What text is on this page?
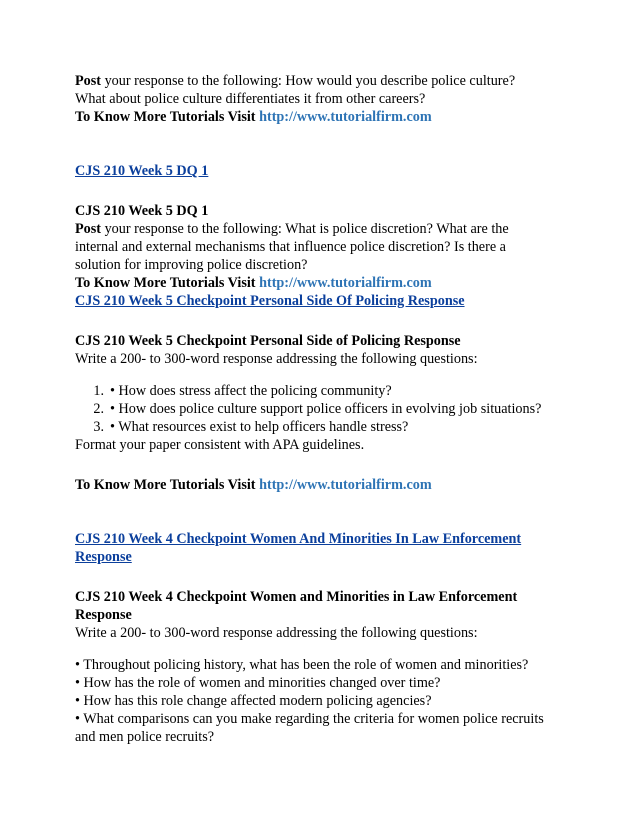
Post your response to the following: How would you describe police culture?
What about police culture differentiates it from other careers?
To Know More Tutorials Visit http://www.tutorialfirm.com
CJS 210 Week 5 DQ 1
CJS 210 Week 5 DQ 1
Post your response to the following: What is police discretion? What are the
internal and external mechanisms that influence police discretion? Is there a
solution for improving police discretion?
To Know More Tutorials Visit http://www.tutorialfirm.com
CJS 210 Week 5 Checkpoint Personal Side Of Policing Response
CJS 210 Week 5 Checkpoint Personal Side of Policing Response
Write a 200- to 300-word response addressing the following questions:
1. • How does stress affect the policing community?
2. • How does police culture support police officers in evolving job situations?
3. • What resources exist to help officers handle stress?
Format your paper consistent with APA guidelines.
To Know More Tutorials Visit http://www.tutorialfirm.com
CJS 210 Week 4 Checkpoint Women And Minorities In Law Enforcement
Response
CJS 210 Week 4 Checkpoint Women and Minorities in Law Enforcement
Response
Write a 200- to 300-word response addressing the following questions:
• Throughout policing history, what has been the role of women and minorities?
• How has the role of women and minorities changed over time?
• How has this role change affected modern policing agencies?
• What comparisons can you make regarding the criteria for women police recruits
and men police recruits?
